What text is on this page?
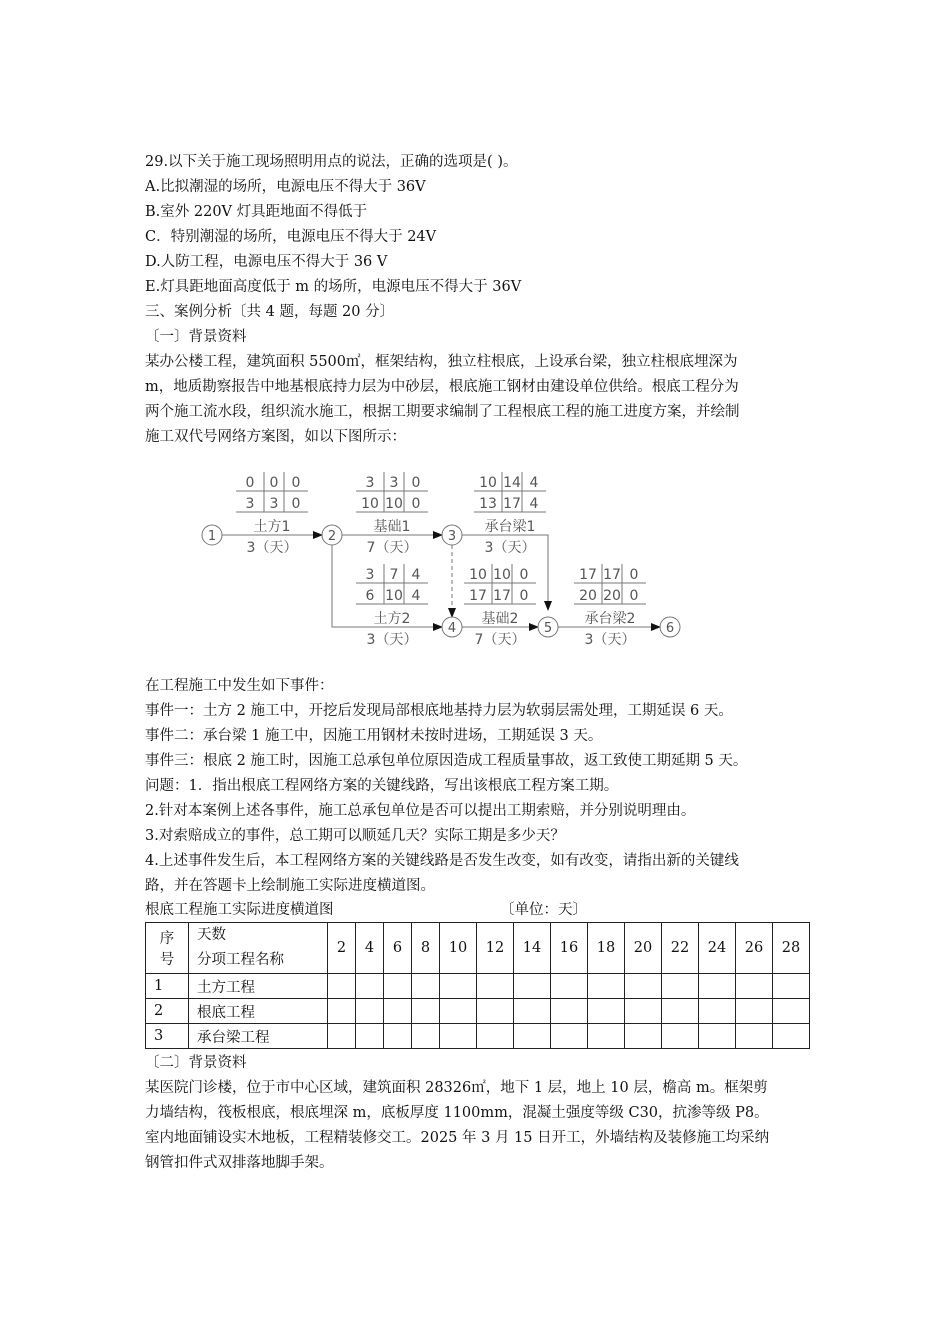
29.以下关于施工现场照明用点的说法，正确的选项是( )。
A.比拟潮湿的场所，电源电压不得大于 36V
B.室外 220V 灯具距地面不得低于
C．特别潮湿的场所，电源电压不得大于 24V
D.人防工程，电源电压不得大于 36 V
E.灯具距地面高度低于 m 的场所，电源电压不得大于 36V
三、案例分析〔共 4 题，每题 20 分〕
〔一〕背景资料
某办公楼工程，建筑面积 5500㎡，框架结构，独立柱根底，上设承台梁，独立柱根底埋深为
m，地质勘察报告中地基根底持力层为中砂层，根底施工钢材由建设单位供给。根底工程分为
两个施工流水段，组织流水施工，根据工期要求编制了工程根底工程的施工进度方案，并绘制
施工双代号网络方案图，如以下图所示：
1	2	3
4	5	6
0 0 0
3 3 0
土方1
3（天）
3 3 0
10 10 0
基础1
7（天）
10 14 4
13 17 4
承台梁1
3（天）
3 7 4
6 10 4
土方2
3（天）
10 10 0
17 17 0
基础2
7（天）
17 17 0
20 20 0
承台梁2
3（天）
在工程施工中发生如下事件：
事件一：土方 2 施工中，开挖后发现局部根底地基持力层为软弱层需处理，工期延误 6 天。
事件二：承台梁 1 施工中，因施工用钢材未按时进场，工期延误 3 天。
事件三：根底 2 施工时，因施工总承包单位原因造成工程质量事故，返工致使工期延期 5 天。
问题：1．指出根底工程网络方案的关键线路，写出该根底工程方案工期。
2.针对本案例上述各事件，施工总承包单位是否可以提出工期索赔，并分别说明理由。
3.对索赔成立的事件，总工期可以顺延几天？实际工期是多少天？
4.上述事件发生后，本工程网络方案的关键线路是否发生改变，如有改变，请指出新的关键线
路，并在答题卡上绘制施工实际进度横道图。
根底工程施工实际进度横道图	〔单位：天〕
序
号	天数
分项工程名称	2	4	6	8	10	12	14	16	18	20	22	24	26	28
1	土方工程														
2	根底工程														
3	承台梁工程														
〔二〕背景资料
某医院门诊楼，位于市中心区域，建筑面积 28326㎡，地下 1 层，地上 10 层，檐高 m。框架剪
力墙结构，筏板根底，根底埋深 m，底板厚度 1100mm，混凝土强度等级 C30，抗渗等级 P8。
室内地面铺设实木地板，工程精装修交工。2025 年 3 月 15 日开工，外墙结构及装修施工均采纳
钢管扣件式双排落地脚手架。
